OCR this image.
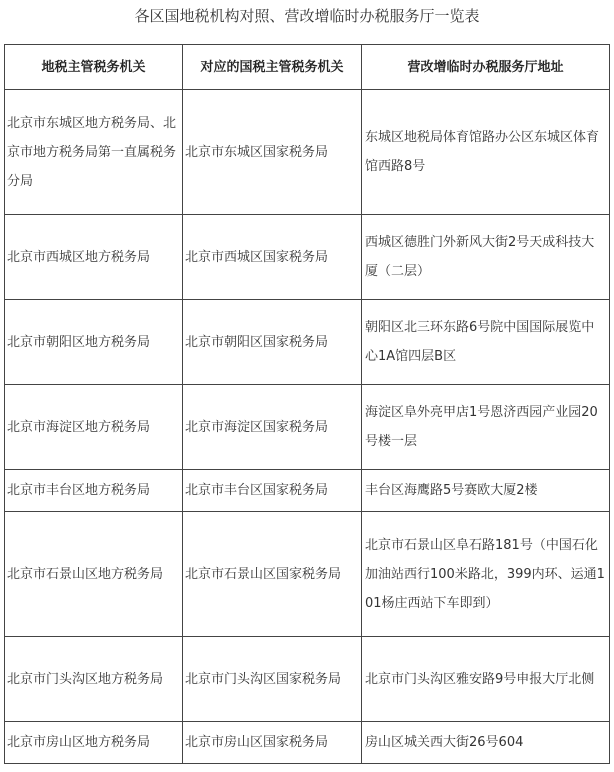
各区国地税机构对照、营改增临时办税服务厅一览表
地税主管税务机关	对应的国税主管税务机关	营改增临时办税服务厅地址
北京市东城区地方税务局、北京市地方税务局第一直属税务分局	北京市东城区国家税务局	东城区地税局体育馆路办公区东城区体育馆西路8号
北京市西城区地方税务局	北京市西城区国家税务局	西城区德胜门外新风大街2号天成科技大厦（二层）
北京市朝阳区地方税务局	北京市朝阳区国家税务局	朝阳区北三环东路6号院中国国际展览中心1A馆四层B区
北京市海淀区地方税务局	北京市海淀区国家税务局	海淀区阜外亮甲店1号恩济西园产业园20号楼一层
北京市丰台区地方税务局	北京市丰台区国家税务局	丰台区海鹰路5号赛欧大厦2楼
北京市石景山区地方税务局	北京市石景山区国家税务局	北京市石景山区阜石路181号（中国石化加油站西行100米路北，399内环、运通101杨庄西站下车即到）
北京市门头沟区地方税务局	北京市门头沟区国家税务局	北京市门头沟区雅安路9号申报大厅北侧
北京市房山区地方税务局	北京市房山区国家税务局	房山区城关西大街26号604
